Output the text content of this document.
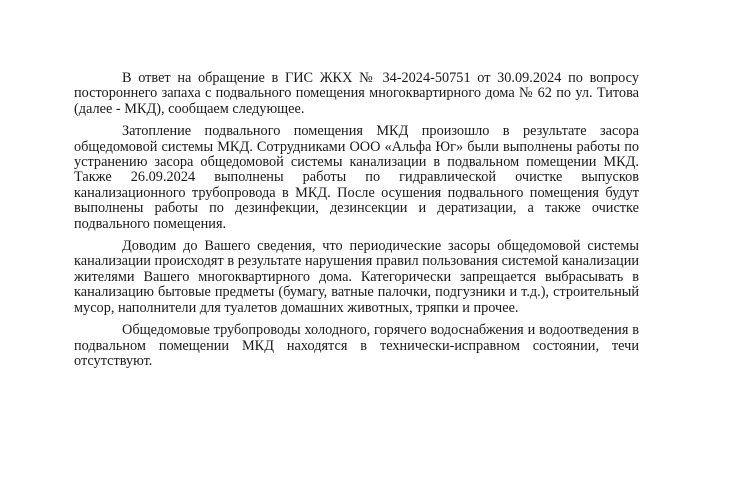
В ответ на обращение в ГИС ЖКХ № 34-2024-50751 от 30.09.2024 по вопросу постороннего запаха с подвального помещения многоквартирного дома № 62 по ул. Титова (далее - МКД), сообщаем следующее.

Затопление подвального помещения МКД произошло в результате засора общедомовой системы МКД. Сотрудниками ООО «Альфа Юг» были выполнены работы по устранению засора общедомовой системы канализации в подвальном помещении МКД. Также 26.09.2024 выполнены работы по гидравлической очистке выпусков канализационного трубопровода в МКД. После осушения подвального помещения будут выполнены работы по дезинфекции, дезинсекции и дератизации, а также очистке подвального помещения.

Доводим до Вашего сведения, что периодические засоры общедомовой системы канализации происходят в результате нарушения правил пользования системой канализации жителями Вашего многоквартирного дома. Категорически запрещается выбрасывать в канализацию бытовые предметы (бумагу, ватные палочки, подгузники и т.д.), строительный мусор, наполнители для туалетов домашних животных, тряпки и прочее.

Общедомовые трубопроводы холодного, горячего водоснабжения и водоотведения в подвальном помещении МКД находятся в технически-исправном состоянии, течи отсутствуют.
